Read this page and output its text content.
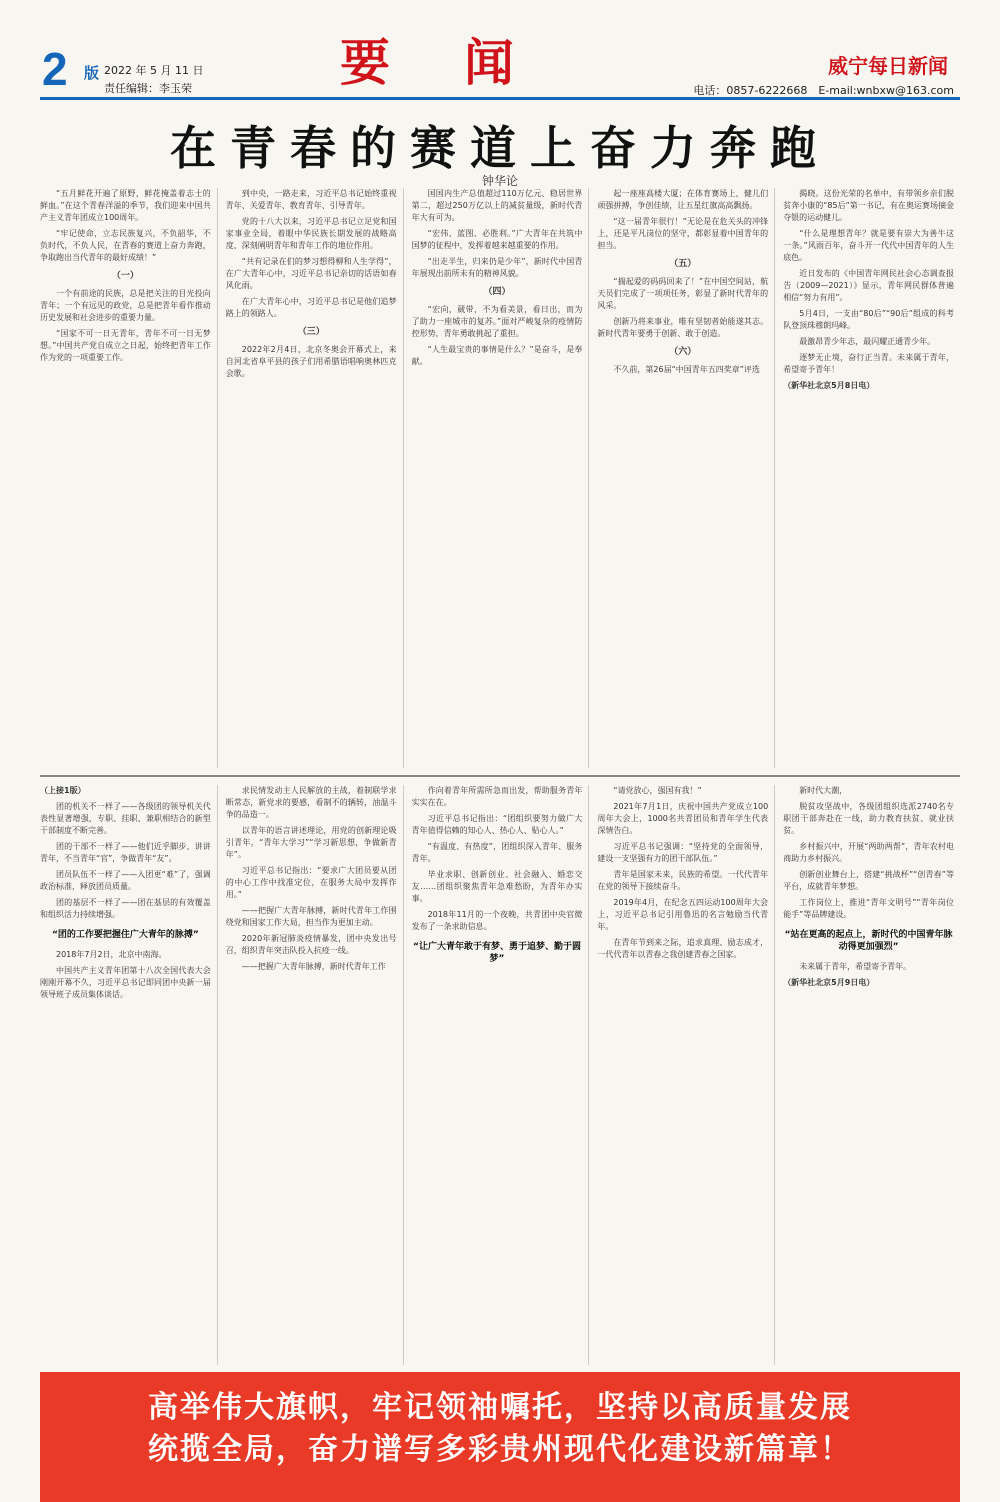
2 版 2022 年 5 月 11 日
责任编辑：李玉荣	要闻	威宁每日新闻
电话：0857-6222668　E-mail:wnbxw@163.com
在青春的赛道上奋力奔跑
钟华论

“五月鲜花开遍了原野，鲜花掩盖着志士的鲜血。”在这个青春洋溢的季节，我们迎来中国共产主义青年团成立100周年。

“牢记使命，立志民族复兴，不负韶华，不负时代，不负人民，在青春的赛道上奋力奔跑，争取跑出当代青年的最好成绩！”

（一）

一个有前途的民族，总是把关注的目光投向青年；一个有远见的政党，总是把青年看作推动历史发展和社会进步的重要力量。

“国家不可一日无青年，青年不可一日无梦想。”中国共产党自成立之日起，始终把青年工作作为党的一项重要工作。

到中央，一路走来，习近平总书记始终重视青年、关爱青年、教育青年、引导青年。

党的十八大以来，习近平总书记立足党和国家事业全局，着眼中华民族长期发展的战略高度，深刻阐明青年和青年工作的地位作用。

“共有记录在们的梦习想得柳和人生学得”，在广大青年心中，习近平总书记亲切的话语如春风化雨。

在广大青年心中，习近平总书记是他们追梦路上的领路人。

（三）

2022年2月4日，北京冬奥会开幕式上，来自河北省阜平县的孩子们用希腊语唱响奥林匹克会歌。

国国内生产总值超过110万亿元、稳居世界第二，超过250万亿以上的减贫量级，新时代青年大有可为。

“宏伟、蓝图、必胜利。”广大青年在共筑中国梦的征程中，发挥着越来越重要的作用。

“出走半生，归来仍是少年”，新时代中国青年展现出前所未有的精神风貌。

（四）

“宏向，葳带，不为看美景，看日出，而为了助力一座城市的复苏。”面对严峻复杂的疫情防控形势，青年勇敢挑起了重担。

“人生最宝贵的事情是什么？”是奋斗，是奉献。

起一座座高楼大厦；在体育赛场上，健儿们顽强拼搏，争创佳绩，让五星红旗高高飘扬。

“这一届青年很行！”无论是在危关头的冲锋上，还是平凡岗位的坚守，都彰显着中国青年的担当。

（五）

“揣起爱的码码回来了！”在中国空间站，航天员们完成了一项项任务，彰显了新时代青年的风采。

创新乃将来事业，唯有坚韧者始能遂其志。新时代青年要勇于创新、敢于创造。

（六）

不久前，第26届“中国青年五四奖章”评选

揭晓。这份光荣的名单中，有带领乡亲们脱贫奔小康的“85后”第一书记，有在奥运赛场摘金夺银的运动健儿。

“什么是理想青年？就是要有崇大为善牛这一条。”风雨百年，奋斗开一代代中国青年的人生底色。

近日发布的《中国青年网民社会心态调查报告（2009—2021）》显示，青年网民群体普遍相信“努力有用”。

5月4日，一支由“80后”“90后”组成的科考队登顶珠穆朗玛峰。

最激昂青少年志，最闪耀正通青少年。

逐梦无止境，奋行正当青。未来属于青年，希望寄予青年！

（新华社北京5月8日电）

（上接1版）

团的机关不一样了——各级团的领导机关代表性显著增强，专职、挂职、兼职相结合的新型干部制度不断完善。

团的干部不一样了——他们近乎脚步、讲讲青年，不当青年“官”，争做青年“友”。

团员队伍不一样了——入团更“难”了，强调政治标准，释放团员质量。

团的基层不一样了——团在基层的有效覆盖和组织活力持续增强。

“团的工作要把握住广大青年的脉搏”

2018年7月2日，北京中南海。

中国共产主义青年团第十八次全国代表大会刚刚开幕不久，习近平总书记即同团中央新一届领导班子成员集体谈话。

求民情发动主人民解放的主战，着制联学求断常态，新党求的要感，看制不的辆转，油温斗争的品造一。

以青年的语言讲述理论，用党的创新理论吸引青年，“青年大学习”“学习新思想，争做新青年”。

习近平总书记指出：“要求广大团员要从团的中心工作中找准定位，在服务大局中发挥作用。”

——把握广大青年脉搏，新时代青年工作围绕党和国家工作大局，担当作为更加主动。

2020年新冠肺炎疫情暴发，团中央发出号召，组织青年突击队投入抗疫一线。

——把握广大青年脉搏，新时代青年工作

作向着青年所需所急而出发，帮助服务青年实实在在。

习近平总书记指出：“团组织要努力做广大青年值得信赖的知心人、热心人、贴心人。”

“有温度、有热度”，团组织深入青年、服务青年。

毕业求职、创新创业、社会融入、婚恋交友……团组织聚焦青年急难愁盼，为青年办实事。

2018年11月的一个夜晚，共青团中央官微发布了一条求助信息。

“让广大青年敢于有梦、勇于追梦、勤于圆梦”

“请党放心，强国有我！”

2021年7月1日，庆祝中国共产党成立100周年大会上，1000名共青团员和青年学生代表深情告白。

习近平总书记强调：“坚持党的全面领导，建设一支坚强有力的团干部队伍。”

青年是国家未来，民族的希望。一代代青年在党的领导下接续奋斗。

2019年4月，在纪念五四运动100周年大会上，习近平总书记引用鲁迅的名言勉励当代青年。

在青年节到来之际，追求真理、励志成才，一代代青年以青春之我创建青春之国家。

新时代大潮，

脱贫攻坚战中，各级团组织选派2740名专职团干部奔赴在一线，助力教育扶贫、就业扶贫。

乡村振兴中，开展“两助两帮”，青年农村电商助力乡村振兴。

创新创业舞台上，搭建“挑战杯”“创青春”等平台，成就青年梦想。

工作岗位上，推进“青年文明号”“青年岗位能手”等品牌建设。

“站在更高的起点上，新时代的中国青年脉动得更加强烈”

未来属于青年，希望寄予青年。

（新华社北京5月9日电）

高举伟大旗帜，牢记领袖嘱托，坚持以高质量发展
统揽全局，奋力谱写多彩贵州现代化建设新篇章！
